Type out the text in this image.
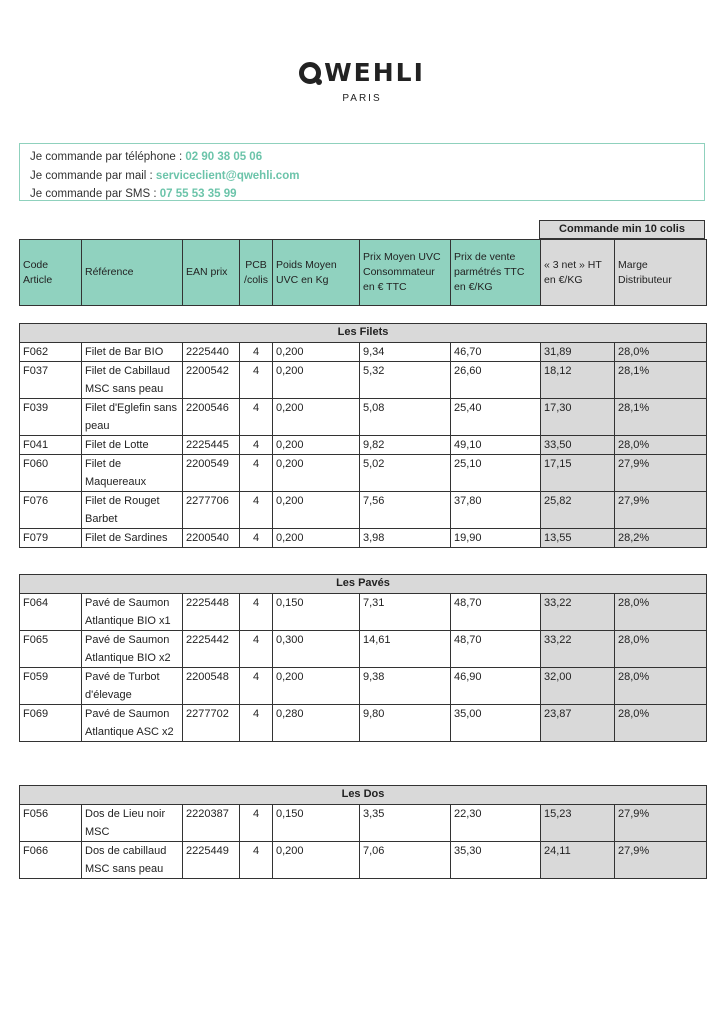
WEHLI
PARIS
Je commande par téléphone : 02 90 38 05 06
Je commande par mail : serviceclient@qwehli.com
Je commande par SMS : 07 55 53 35 99
Commande min 10 colis
Code Article	Référence	EAN prix	PCB /colis	Poids Moyen UVC en Kg	Prix Moyen UVC Consommateur en € TTC	Prix de vente parmétrés TTC en €/KG	« 3 net » HT en €/KG	Marge Distributeur
Les Filets								
F062	Filet de Bar BIO	2225440	4	0,200	9,34	46,70	31,89	28,0%
F037	Filet de Cabillaud MSC sans peau	2200542	4	0,200	5,32	26,60	18,12	28,1%
F039	Filet d'Eglefin sans peau	2200546	4	0,200	5,08	25,40	17,30	28,1%
F041	Filet de Lotte	2225445	4	0,200	9,82	49,10	33,50	28,0%
F060	Filet de Maquereaux	2200549	4	0,200	5,02	25,10	17,15	27,9%
F076	Filet de Rouget Barbet	2277706	4	0,200	7,56	37,80	25,82	27,9%
F079	Filet de Sardines	2200540	4	0,200	3,98	19,90	13,55	28,2%
Les Pavés								
F064	Pavé de Saumon Atlantique BIO x1	2225448	4	0,150	7,31	48,70	33,22	28,0%
F065	Pavé de Saumon Atlantique BIO x2	2225442	4	0,300	14,61	48,70	33,22	28,0%
F059	Pavé de Turbot d'élevage	2200548	4	0,200	9,38	46,90	32,00	28,0%
F069	Pavé de Saumon Atlantique ASC x2	2277702	4	0,280	9,80	35,00	23,87	28,0%
Les Dos								
F056	Dos de Lieu noir MSC	2220387	4	0,150	3,35	22,30	15,23	27,9%
F066	Dos de cabillaud MSC sans peau	2225449	4	0,200	7,06	35,30	24,11	27,9%
